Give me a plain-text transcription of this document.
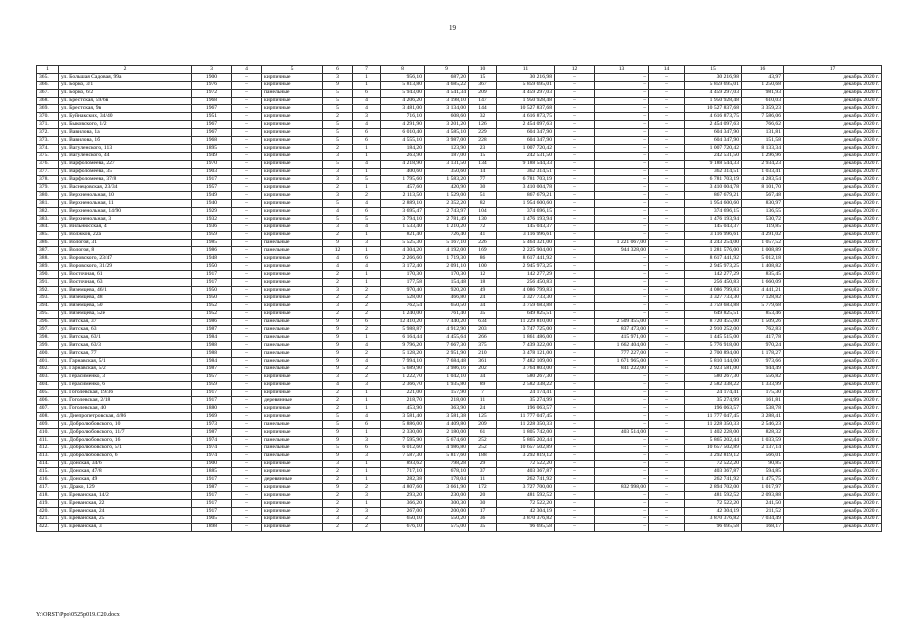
19
1	2	3	4	5	6	7	8	9	10	11	12	13	14	15	16	17
365.	ул. Большая Садовая, 99а	1900	–	кирпичные	3	1	956,10	687,20	15	30 216,98	–	–	–	30 216,98	43,97	декабрь 2020 г.
366.	ул. Борко, 3/1	1976	–	кирпичные	9	1	5 813,80	4 685,22	367	5 859 695,01	–	–	–	5 859 695,01	1 250,68	декабрь 2020 г.
367.	ул. Борко, 6/2	1972	–	панельные	5	6	5 943,00	4 541,34	209	4 459 297,03	–	–	–	4 459 297,03	981,93	декабрь 2020 г.
368.	ул. Брестская, 59/6в	1968	–	кирпичные	5	4	4 206,20	3 198,10	147	1 950 928,48	–	–	–	1 950 928,48	610,03	декабрь 2020 г.
369.	ул. Брестская, 9в	1967	–	кирпичные	5	4	3 481,00	3 134,00	144	10 527 837,68	–	–	–	10 527 837,68	3 359,23	декабрь 2020 г.
370.	ул. Буйнакских, 34/40	1951	–	кирпичные	2	3	716,10	608,60	32	4 616 873,75	–	–	–	4 616 873,75	7 586,06	декабрь 2020 г.
371.	ул. Быковского, 1/2	1967	–	кирпичные	5	4	4 291,90	3 201,20	126	2 454 097,63	–	–	–	2 454 097,63	766,62	декабрь 2020 г.
372.	ул. Вавилова, 1а	1967	–	кирпичные	5	6	6 010,40	4 585,10	229	604 347,90	–	–	–	604 347,90	131,81	декабрь 2020 г.
373.	ул. Вавилова, 1б	1968	–	кирпичные	5	6	4 555,10	3 987,00	228	604 347,90	–	–	–	604 347,90	151,58	декабрь 2020 г.
374.	ул. Вагуленского, 113	1895	–	кирпичные	2	1	184,20	123,90	23	1 007 720,42	–	–	–	1 007 720,42	8 133,34	декабрь 2020 г.
375.	ул. Вагуленского, 44	1949	–	кирпичные	3	1	263,90	187,00	15	242 531,50	–	–	–	242 531,50	1 296,96	декабрь 2020 г.
376.	ул. Варфоломеева, 227	1970	–	кирпичные	5	4	4 218,90	3 131,50	134	9 188 544,33	–	–	–	9 188 544,33	2 934,23	декабрь 2020 г.
377.	ул. Варфоломеева, 35	1903	–	кирпичные	3	1	400,60	350,60	14	362 314,51	–	–	–	362 314,51	1 033,41	декабрь 2020 г.
378.	ул. Варфоломеева, 37/8	1917	–	кирпичные	3	5	1 795,60	1 583,20	77	6 781 703,19	–	–	–	6 781 703,19	4 283,54	декабрь 2020 г.
379.	ул. Васнецовская, 23/34	1957	–	кирпичные	2	1	457,60	420,90	30	3 410 004,78	–	–	–	3 410 004,78	8 101,70	декабрь 2020 г.
380.	ул. Верхненольная, 10	1949	–	кирпичные	3	2	2 113,50	1 529,00	51	867 679,21	–	–	–	867 679,21	567,48	декабрь 2020 г.
381.	ул. Верхненольная, 11	1940	–	кирпичные	5	4	2 889,10	2 352,20	82	1 954 600,60	–	–	–	1 954 600,60	830,97	декабрь 2020 г.
382.	ул. Верхненольная, 14/90	1929	–	кирпичные	4	6	3 695,47	2 743,97	104	374 696,15	–	–	–	374 696,15	136,55	декабрь 2020 г.
383.	ул. Верхненольная, 3	1932	–	кирпичные	5	5	3 794,10	2 781,49	130	1 476 193,94	–	–	–	1 476 193,94	530,72	декабрь 2020 г.
384.	ул. Вильнюсская, 4	1936	–	кирпичные	3	4	1 533,40	1 210,20	72	145 043,37	–	–	–	145 043,37	119,85	декабрь 2020 г.
385.	ул. Волжков, 22а	1959	–	кирпичные	2	1	821,40	726,40	41	3 116 996,61	–	–	–	3 116 996,61	4 291,02	декабрь 2020 г.
386.	ул. Вологоя, 31	1985	–	панельные	9	3	5 525,30	5 167,10	226	5 464 321,00	–	1 221 067,00	–	4 243 254,00	1 057,52	декабрь 2020 г.
387.	ул. Вологоя, 8	1986	–	панельные	12	1	4 304,20	4 192,00	169	2 225 904,00	–	944 328,00	–	1 281 576,00	1 008,89	декабрь 2020 г.
388.	ул. Воровского, 23/47	1948	–	кирпичные	4	6	2 266,60	1 719,30	86	8 617 441,92	–	–	–	8 617 441,92	5 012,18	декабрь 2020 г.
389.	ул. Воровского, 31/29	1950	–	кирпичные	4	4	3 172,40	2 091,10	100	2 945 973,25	–	–	–	2 945 973,25	1 408,82	декабрь 2020 г.
390.	ул. Восточная, 61	1917	–	кирпичные	2	1	170,30	170,30	12	142 277,29	–	–	–	142 277,29	835,45	декабрь 2020 г.
391.	ул. Восточная, 63	1917	–	кирпичные	2	1	177,58	154,48	18	256 450,83	–	–	–	256 450,83	1 660,09	декабрь 2020 г.
392.	ул. Вяземцева, 46/1	1950	–	кирпичные	3	2	970,40	920,20	49	4 086 799,83	–	–	–	4 086 799,83	4 441,21	декабрь 2020 г.
393.	ул. Вяземцева, 48	1950	–	кирпичные	2	2	528,00	466,80	24	3 327 733,30	–	–	–	3 327 733,30	7 128,82	декабрь 2020 г.
394.	ул. Вяземцева, 50	1952	–	кирпичные	3	2	762,54	650,50	34	3 759 683,88	–	–	–	3 759 683,88	5 779,68	декабрь 2020 г.
395.	ул. Вяземцева, 52е	1952	–	кирпичные	2	2	1 240,00	761,40	35	649 825,51	–	–	–	649 825,51	853,46	декабрь 2020 г.
396.	ул. Вятская, 37	1986	–	панельные	9	6	12 410,20	7 440,20	634	11 229 810,00	–	2 509 455,00	–	8 720 455,00	1 509,26	декабрь 2020 г.
397.	ул. Вятская, 63	1987	–	панельные	9	2	5 988,87	4 912,90	203	3 747 725,00	–	837 473,00	–	2 910 252,00	762,83	декабрь 2020 г.
398.	ул. Вятская, 63/1	1984	–	панельные	9	1	6 164,44	4 455,64	266	1 861 486,00	–	415 971,00	–	1 445 515,00	417,78	декабрь 2020 г.
399.	ул. Вятская, 63/3	1988	–	панельные	9	4	9 796,20	7 667,30	375	7 439 322,00	–	1 662 404,00	–	5 776 918,00	970,24	декабрь 2020 г.
400.	ул. Вятская, 77	1988	–	панельные	9	2	5 128,20	2 951,90	210	3 478 121,00	–	777 227,00	–	2 700 894,00	1 178,27	декабрь 2020 г.
401.	ул. Гарнавская, 5/1	1984	–	панельные	9	4	7 994,10	7 684,48	361	7 482 109,00	–	1 671 965,00	–	5 810 144,00	973,66	декабрь 2020 г.
402.	ул. Гарнавская, 5/2	1987	–	панельные	9	2	5 689,90	3 986,16	202	3 764 803,00	–	841 222,00	–	2 923 581,00	944,49	декабрь 2020 г.
403.	ул. Герасименко, 3	1957	–	кирпичные	3	2	1 222,70	1 042,10	34	580 267,30	–	–	–	580 267,30	556,82	декабрь 2020 г.
404.	ул. Герасименко, 6	1959	–	кирпичные	4	3	2 366,70	1 935,80	89	2 582 338,22	–	–	–	2 582 338,22	1 333,99	декабрь 2020 г.
405.	ул. Гоголевская, 19/36	1917	–	кирпичные	2	1	221,00	157,90	7	24 174,41	–	–	–	24 174,41	175,30	декабрь 2020 г.
406.	ул. Гоголевская, 2/18	1917	–	деревянные	2	1	218,70	218,00	11	35 274,99	–	–	–	35 274,99	161,81	декабрь 2020 г.
407.	ул. Гоголевская, 40	1880	–	кирпичные	2	1	453,90	363,90	24	196 063,57	–	–	–	196 063,57	538,78	декабрь 2020 г.
408.	ул. Днепропетровская, 4/86	1969	–	кирпичные	5	4	3 581,40	3 581,38	125	11 777 047,45	–	–	–	11 777 047,45	3 288,41	декабрь 2020 г.
409.	ул. Добролюбовского, 10	1973	–	панельные	5	6	5 886,00	4 409,80	209	11 228 350,33	–	–	–	11 228 350,33	2 546,23	декабрь 2020 г.
410.	ул. Добролюбовского, 11/7	1987	–	кирпичные	9	1	2 330,00	2 180,00	61	1 805 742,00	–	403 514,00	–	1 402 228,00	828,32	декабрь 2020 г.
411.	ул. Добролюбовского, 16	1974	–	панельные	9	3	7 595,90	5 674,60	252	5 865 202,44	–	–	–	5 865 202,44	1 033,59	декабрь 2020 г.
412.	ул. Добролюбовского, 5/1	1974	–	панельные	5	6	6 012,60	4 986,80	252	10 657 502,89	–	–	–	10 657 502,89	2 137,14	декабрь 2020 г.
413.	ул. Добролюбовского, 6	1974	–	панельные	9	3	7 587,30	5 817,60	188	3 292 819,12	–	–	–	3 292 819,12	566,01	декабрь 2020 г.
414.	ул. Донская, 34/6	1900	–	кирпичные	3	1	893,62	798,28	29	72 522,20	–	–	–	72 522,20	90,85	декабрь 2020 г.
415.	ул. Донская, 47/8	1885	–	кирпичные	2	1	717,10	678,10	37	403 367,87	–	–	–	403 367,87	594,85	декабрь 2020 г.
416.	ул. Донская, 49	1917	–	деревянные	2	1	282,38	178,04	11	262 741,92	–	–	–	262 741,92	1 475,75	декабрь 2020 г.
417.	ул. Драко, 129	1987	–	кирпичные	9	2	4 807,60	3 661,90	172	3 727 700,00	–	832 998,00	–	2 894 702,00	1 017,97	декабрь 2020 г.
418.	ул. Ереванская, 14/2	1917	–	кирпичные	2	3	293,20	230,00	20	481 592,52	–	–	–	481 592,52	2 093,88	декабрь 2020 г.
419.	ул. Ереванская, 22	1917	–	кирпичные	2	1	366,20	300,30	30	72 522,20	–	–	–	72 522,20	241,50	декабрь 2020 г.
420.	ул. Ереванская, 24	1917	–	кирпичные	2	3	267,00	200,00	17	42 304,19	–	–	–	42 304,19	211,52	декабрь 2020 г.
421.	ул. Ереванская, 25	1905	–	кирпичные	3	2	650,10	550,20	36	3 870 376,82	–	–	–	3 870 376,82	7 034,49	декабрь 2020 г.
422.	ул. Ереванская, 3	1898	–	кирпичные	2	2	676,10	575,00	35	96 695,58	–	–	–	96 695,58	168,17	декабрь 2020 г.
Y:\ORST\Ppo\0525p019.C20.docx
